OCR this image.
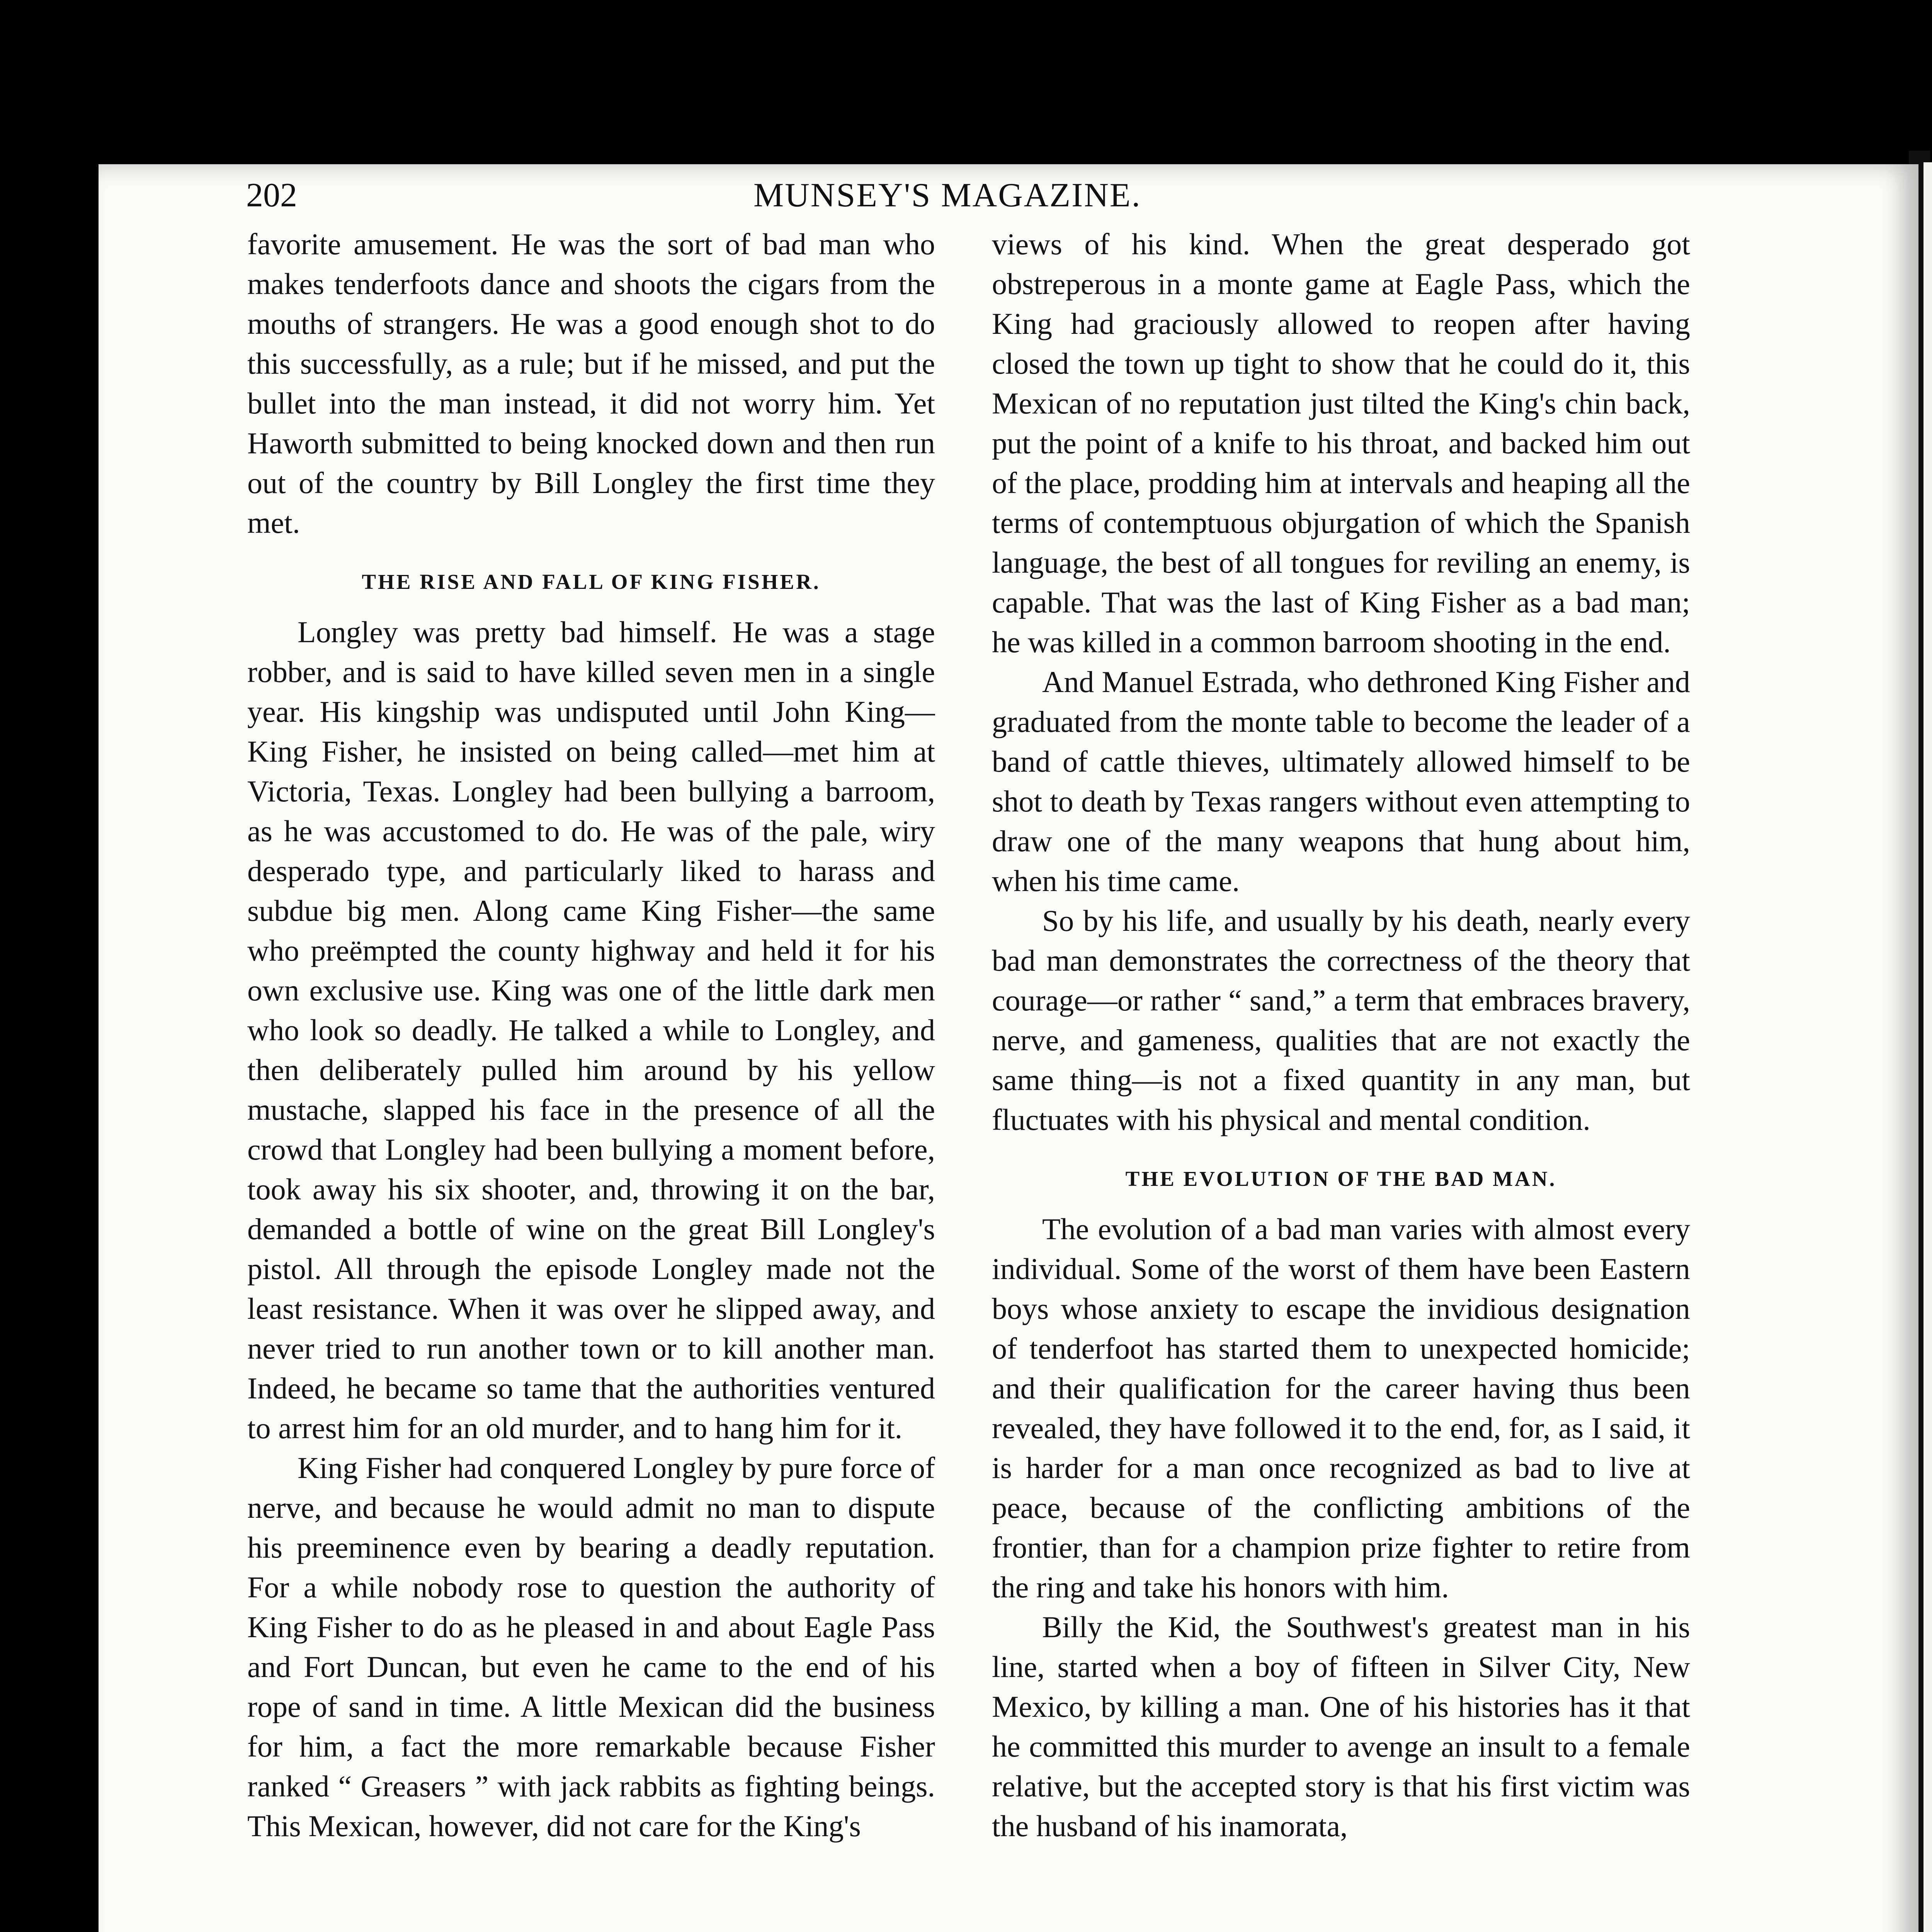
202	MUNSEY'S MAGAZINE.

favorite amusement. He was the sort of bad man who makes tenderfoots dance and shoots the cigars from the mouths of strangers. He was a good enough shot to do this successfully, as a rule; but if he missed, and put the bullet into the man instead, it did not worry him. Yet Haworth submitted to being knocked down and then run out of the country by Bill Longley the first time they met.

THE RISE AND FALL OF KING FISHER.

Longley was pretty bad himself. He was a stage robber, and is said to have killed seven men in a single year. His kingship was undisputed until John King—King Fisher, he insisted on being called—met him at Victoria, Texas. Longley had been bullying a barroom, as he was accustomed to do. He was of the pale, wiry desperado type, and particularly liked to harass and subdue big men. Along came King Fisher—the same who preëmpted the county highway and held it for his own exclusive use. King was one of the little dark men who look so deadly. He talked a while to Longley, and then deliberately pulled him around by his yellow mustache, slapped his face in the presence of all the crowd that Longley had been bullying a moment before, took away his six shooter, and, throwing it on the bar, demanded a bottle of wine on the great Bill Longley's pistol. All through the episode Longley made not the least resistance. When it was over he slipped away, and never tried to run another town or to kill another man. Indeed, he became so tame that the authorities ventured to arrest him for an old murder, and to hang him for it.

King Fisher had conquered Longley by pure force of nerve, and because he would admit no man to dispute his preeminence even by bearing a deadly reputation. For a while nobody rose to question the authority of King Fisher to do as he pleased in and about Eagle Pass and Fort Duncan, but even he came to the end of his rope of sand in time. A little Mexican did the business for him, a fact the more remarkable because Fisher ranked “ Greasers ” with jack rabbits as fighting beings. This Mexican, however, did not care for the King's

views of his kind. When the great desperado got obstreperous in a monte game at Eagle Pass, which the King had graciously allowed to reopen after having closed the town up tight to show that he could do it, this Mexican of no reputation just tilted the King's chin back, put the point of a knife to his throat, and backed him out of the place, prodding him at intervals and heaping all the terms of contemptuous objurgation of which the Spanish language, the best of all tongues for reviling an enemy, is capable. That was the last of King Fisher as a bad man; he was killed in a common barroom shooting in the end.

And Manuel Estrada, who dethroned King Fisher and graduated from the monte table to become the leader of a band of cattle thieves, ultimately allowed himself to be shot to death by Texas rangers without even attempting to draw one of the many weapons that hung about him, when his time came.

So by his life, and usually by his death, nearly every bad man demonstrates the correctness of the theory that courage—or rather “ sand,” a term that embraces bravery, nerve, and gameness, qualities that are not exactly the same thing—is not a fixed quantity in any man, but fluctuates with his physical and mental condition.

THE EVOLUTION OF THE BAD MAN.

The evolution of a bad man varies with almost every individual. Some of the worst of them have been Eastern boys whose anxiety to escape the invidious designation of tenderfoot has started them to unexpected homicide; and their qualification for the career having thus been revealed, they have followed it to the end, for, as I said, it is harder for a man once recognized as bad to live at peace, because of the conflicting ambitions of the frontier, than for a champion prize fighter to retire from the ring and take his honors with him.

Billy the Kid, the Southwest's greatest man in his line, started when a boy of fifteen in Silver City, New Mexico, by killing a man. One of his histories has it that he committed this murder to avenge an insult to a female relative, but the accepted story is that his first victim was the husband of his inamorata,
